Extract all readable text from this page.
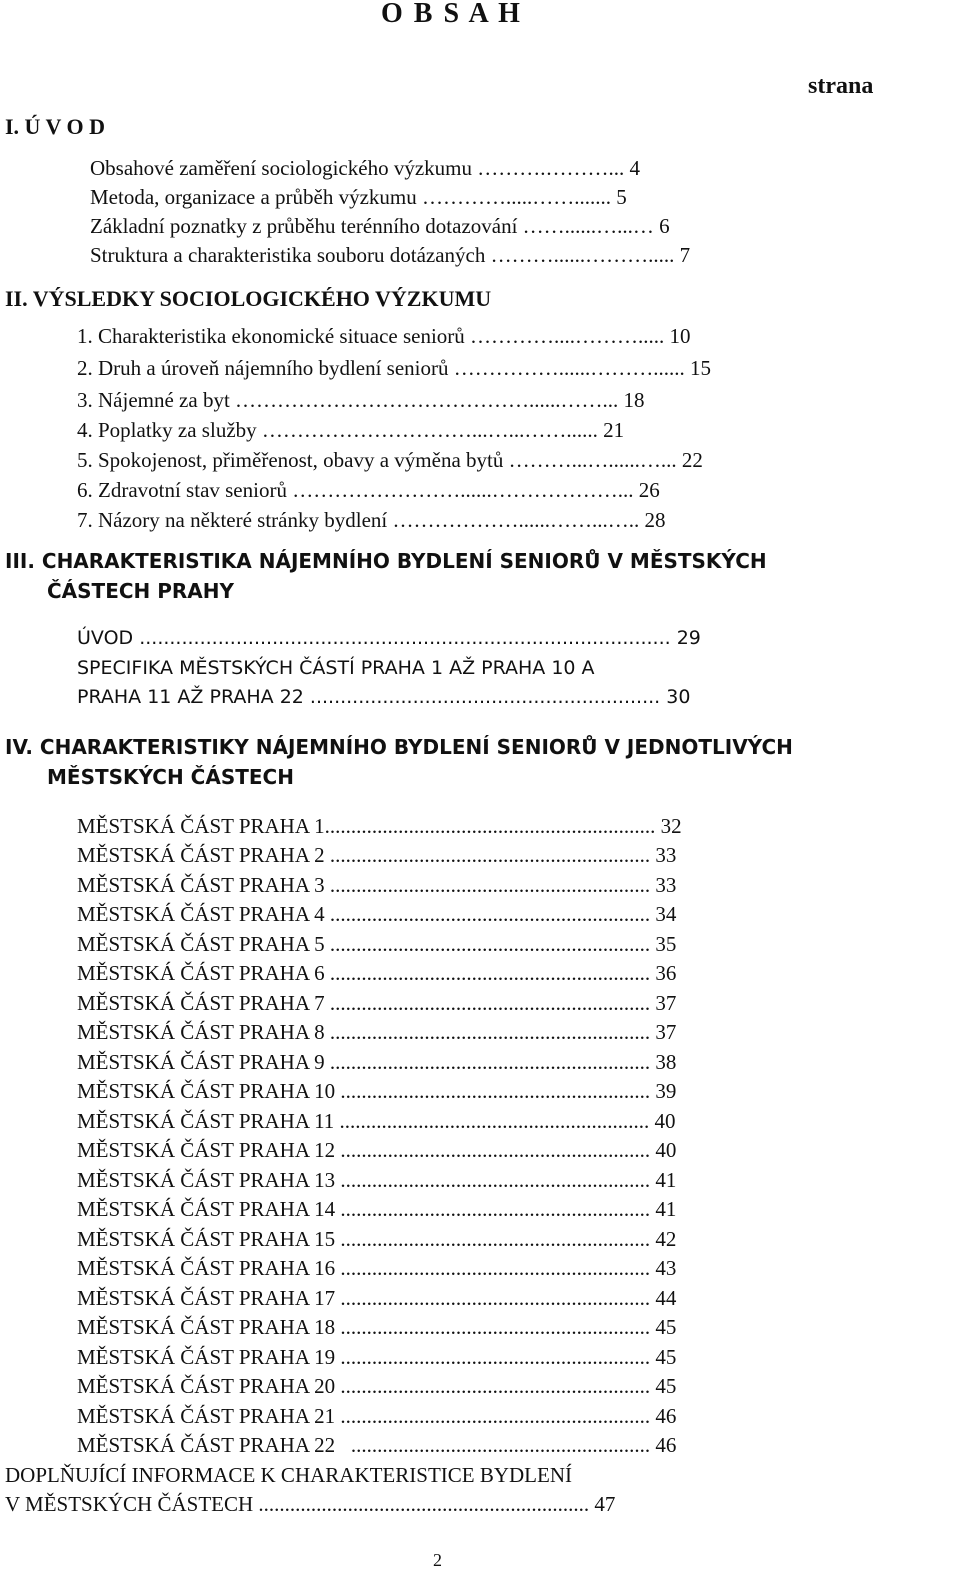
O B S A H
strana
I. Ú V O D
Obsahové zaměření sociologického výzkumu ……….………... 4
Metoda, organizace a průběh výzkumu ………….....……....... 5
Základní poznatky z průběhu terénního dotazování ……......…...… 6
Struktura a charakteristika souboru dotázaných ………......………..... 7
II. VÝSLEDKY SOCIOLOGICKÉHO VÝZKUMU
1. Charakteristika ekonomické situace seniorů …………....………..... 10
2. Druh a úroveň nájemního bydlení seniorů ……………......………...... 15
3. Nájemné za byt ……………………………………......……... 18
4. Poplatky za služby …………………………...…...……...... 21
5. Spokojenost, přiměřenost, obavy a výměna bytů ………...…......…... 22
6. Zdravotní stav seniorů ……………………......………………... 26
7. Názory na některé stránky bydlení ………………......……...….. 28
III. CHARAKTERISTIKA NÁJEMNÍHO BYDLENÍ SENIORŮ V MĚSTSKÝCH
ČÁSTECH PRAHY
ÚVOD ........................................................................................ 29
SPECIFIKA MĚSTSKÝCH ČÁSTÍ PRAHA 1 AŽ PRAHA 10 A
PRAHA 11 AŽ PRAHA 22 .......................................................... 30
IV. CHARAKTERISTIKY NÁJEMNÍHO BYDLENÍ SENIORŮ V JEDNOTLIVÝCH
MĚSTSKÝCH ČÁSTECH
MĚSTSKÁ ČÁST PRAHA 1............................................................... 32
MĚSTSKÁ ČÁST PRAHA 2 ............................................................. 33
MĚSTSKÁ ČÁST PRAHA 3 ............................................................. 33
MĚSTSKÁ ČÁST PRAHA 4 ............................................................. 34
MĚSTSKÁ ČÁST PRAHA 5 ............................................................. 35
MĚSTSKÁ ČÁST PRAHA 6 ............................................................. 36
MĚSTSKÁ ČÁST PRAHA 7 ............................................................. 37
MĚSTSKÁ ČÁST PRAHA 8 ............................................................. 37
MĚSTSKÁ ČÁST PRAHA 9 ............................................................. 38
MĚSTSKÁ ČÁST PRAHA 10 ........................................................... 39
MĚSTSKÁ ČÁST PRAHA 11 ........................................................... 40
MĚSTSKÁ ČÁST PRAHA 12 ........................................................... 40
MĚSTSKÁ ČÁST PRAHA 13 ........................................................... 41
MĚSTSKÁ ČÁST PRAHA 14 ........................................................... 41
MĚSTSKÁ ČÁST PRAHA 15 ........................................................... 42
MĚSTSKÁ ČÁST PRAHA 16 ........................................................... 43
MĚSTSKÁ ČÁST PRAHA 17 ........................................................... 44
MĚSTSKÁ ČÁST PRAHA 18 ........................................................... 45
MĚSTSKÁ ČÁST PRAHA 19 ........................................................... 45
MĚSTSKÁ ČÁST PRAHA 20 ........................................................... 45
MĚSTSKÁ ČÁST PRAHA 21 ........................................................... 46
MĚSTSKÁ ČÁST PRAHA 22   ......................................................... 46
DOPLŇUJÍCÍ INFORMACE K CHARAKTERISTICE BYDLENÍ
V MĚSTSKÝCH ČÁSTECH ............................................................... 47
2
